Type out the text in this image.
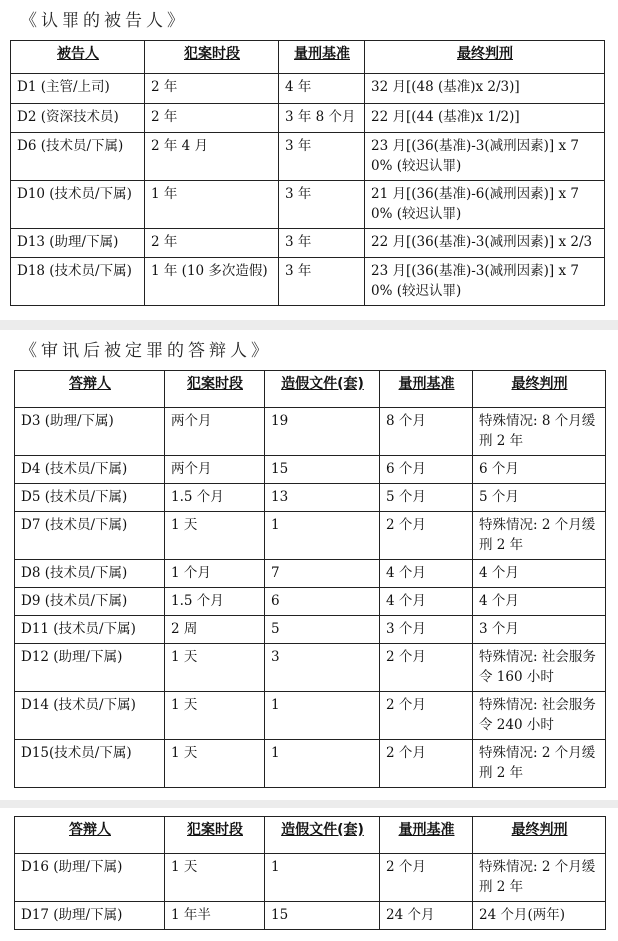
《认罪的被告人》
被告人	犯案时段	量刑基准	最终判刑
D1 (主管/上司)	2 年	4 年	32 月[(48 (基准)x 2/3)]
D2 (资深技术员)	2 年	3 年 8 个月	22 月[(44 (基准)x 1/2)]
D6 (技术员/下属)	2 年 4 月	3 年	23 月[(36(基准)-3(减刑因素)] x 70% (较迟认罪)
D10 (技术员/下属)	1 年	3 年	21 月[(36(基准)-6(减刑因素)] x 70% (较迟认罪)
D13 (助理/下属)	2 年	3 年	22 月[(36(基准)-3(减刑因素)] x 2/3
D18 (技术员/下属)	1 年 (10 多次造假)	3 年	23 月[(36(基准)-3(减刑因素)] x 70% (较迟认罪)
《审讯后被定罪的答辩人》
答辩人	犯案时段	造假文件(套)	量刑基准	最终判刑
D3 (助理/下属)	两个月	19	8 个月	特殊情况: 8 个月缓刑 2 年
D4 (技术员/下属)	两个月	15	6 个月	6 个月
D5 (技术员/下属)	1.5 个月	13	5 个月	5 个月
D7 (技术员/下属)	1 天	1	2 个月	特殊情况: 2 个月缓刑 2 年
D8 (技术员/下属)	1 个月	7	4 个月	4 个月
D9 (技术员/下属)	1.5 个月	6	4 个月	4 个月
D11 (技术员/下属)	2 周	5	3 个月	3 个月
D12 (助理/下属)	1 天	3	2 个月	特殊情况: 社会服务令 160 小时
D14 (技术员/下属)	1 天	1	2 个月	特殊情况: 社会服务令 240 小时
D15(技术员/下属)	1 天	1	2 个月	特殊情况: 2 个月缓刑 2 年
答辩人	犯案时段	造假文件(套)	量刑基准	最终判刑
D16 (助理/下属)	1 天	1	2 个月	特殊情况: 2 个月缓刑 2 年
D17 (助理/下属)	1 年半	15	24 个月	24 个月(两年)
